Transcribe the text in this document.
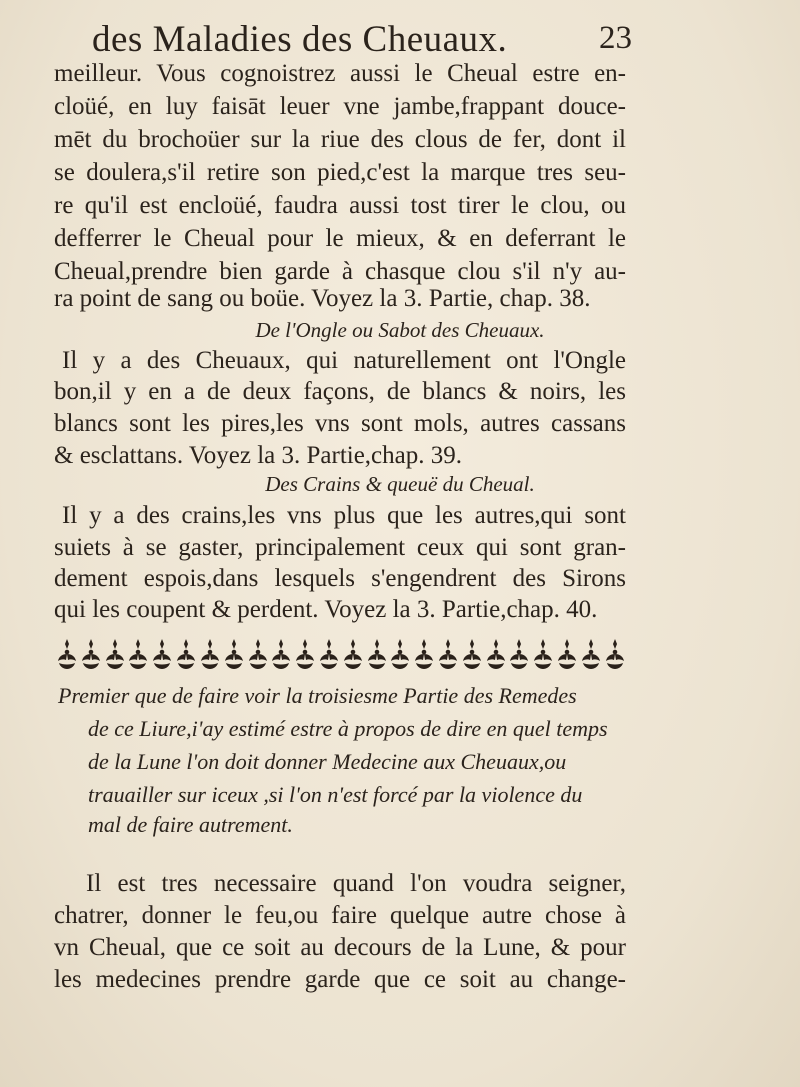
des Maladies des Cheuaux.	23
meilleur. Vous cognoistrez aussi le Cheual estre en-
cloüé, en luy faisāt leuer vne jambe,frappant douce-
mēt du brochoüer sur la riue des clous de fer, dont il
se doulera,s'il retire son pied,c'est la marque tres seu-
re qu'il est encloüé, faudra aussi tost tirer le clou, ou
defferrer le Cheual pour le mieux, & en deferrant le
Cheual,prendre bien garde à chasque clou s'il n'y au-
ra point de sang ou boüe. Voyez la 3. Partie, chap. 38.
De l'Ongle ou Sabot des Cheuaux.
Il y a des Cheuaux, qui naturellement ont l'Ongle
bon,il y en a de deux façons, de blancs & noirs, les
blancs sont les pires,les vns sont mols, autres cassans
& esclattans. Voyez la 3. Partie,chap. 39.
Des Crains & queuë du Cheual.
Il y a des crains,les vns plus que les autres,qui sont
suiets à se gaster, principalement ceux qui sont gran-
dement espois,dans lesquels s'engendrent des Sirons
qui les coupent & perdent. Voyez la 3. Partie,chap. 40.
Premier que de faire voir la troisiesme Partie des Remedes
de ce Liure,i'ay estimé estre à propos de dire en quel temps
de la Lune l'on doit donner Medecine aux Cheuaux,ou
trauailler sur iceux ,si l'on n'est forcé par la violence du
mal de faire autrement.
Il est tres necessaire quand l'on voudra seigner,
chatrer, donner le feu,ou faire quelque autre chose à
vn Cheual, que ce soit au decours de la Lune, & pour
les medecines prendre garde que ce soit au change-
